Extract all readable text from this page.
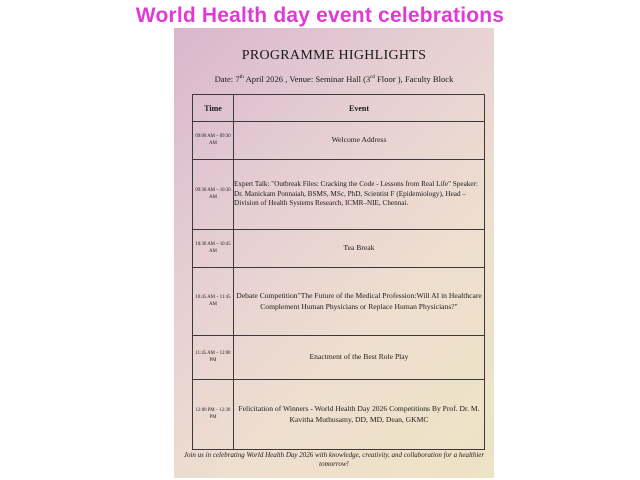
World Health day event celebrations
PROGRAMME HIGHLIGHTS
Date: 7th April 2026 , Venue: Seminar Hall (3rd Floor ), Faculty Block
Time	Event
09:00 AM – 09:30 AM	Welcome Address
09:30 AM – 10:30 AM	Expert Talk: "Outbreak Files: Cracking the Code - Lessons from Real Life" Speaker: Dr. Manickam Ponnaiah, BSMS, MSc, PhD, Scientist F (Epidemiology), Head – Division of Health Systems Research, ICMR–NIE, Chennai.
10:30 AM – 10:45 AM	Tea Break
10:45 AM – 11:45 AM	Debate Competition"The Future of the Medical Profession:Will AI in Healthcare Complement Human Physicians or Replace Human Physicians?"
11:45 AM – 12:00 PM	Enactment of the Best Role Play
12:00 PM – 12:30 PM	Felicitation of Winners - World Health Day 2026 Competitions By Prof. Dr. M. Kavitha Muthusamy, DD, MD, Dean, GKMC
Join us in celebrating World Health Day 2026 with knowledge, creativity, and collaboration for a healthier tomorrow!
